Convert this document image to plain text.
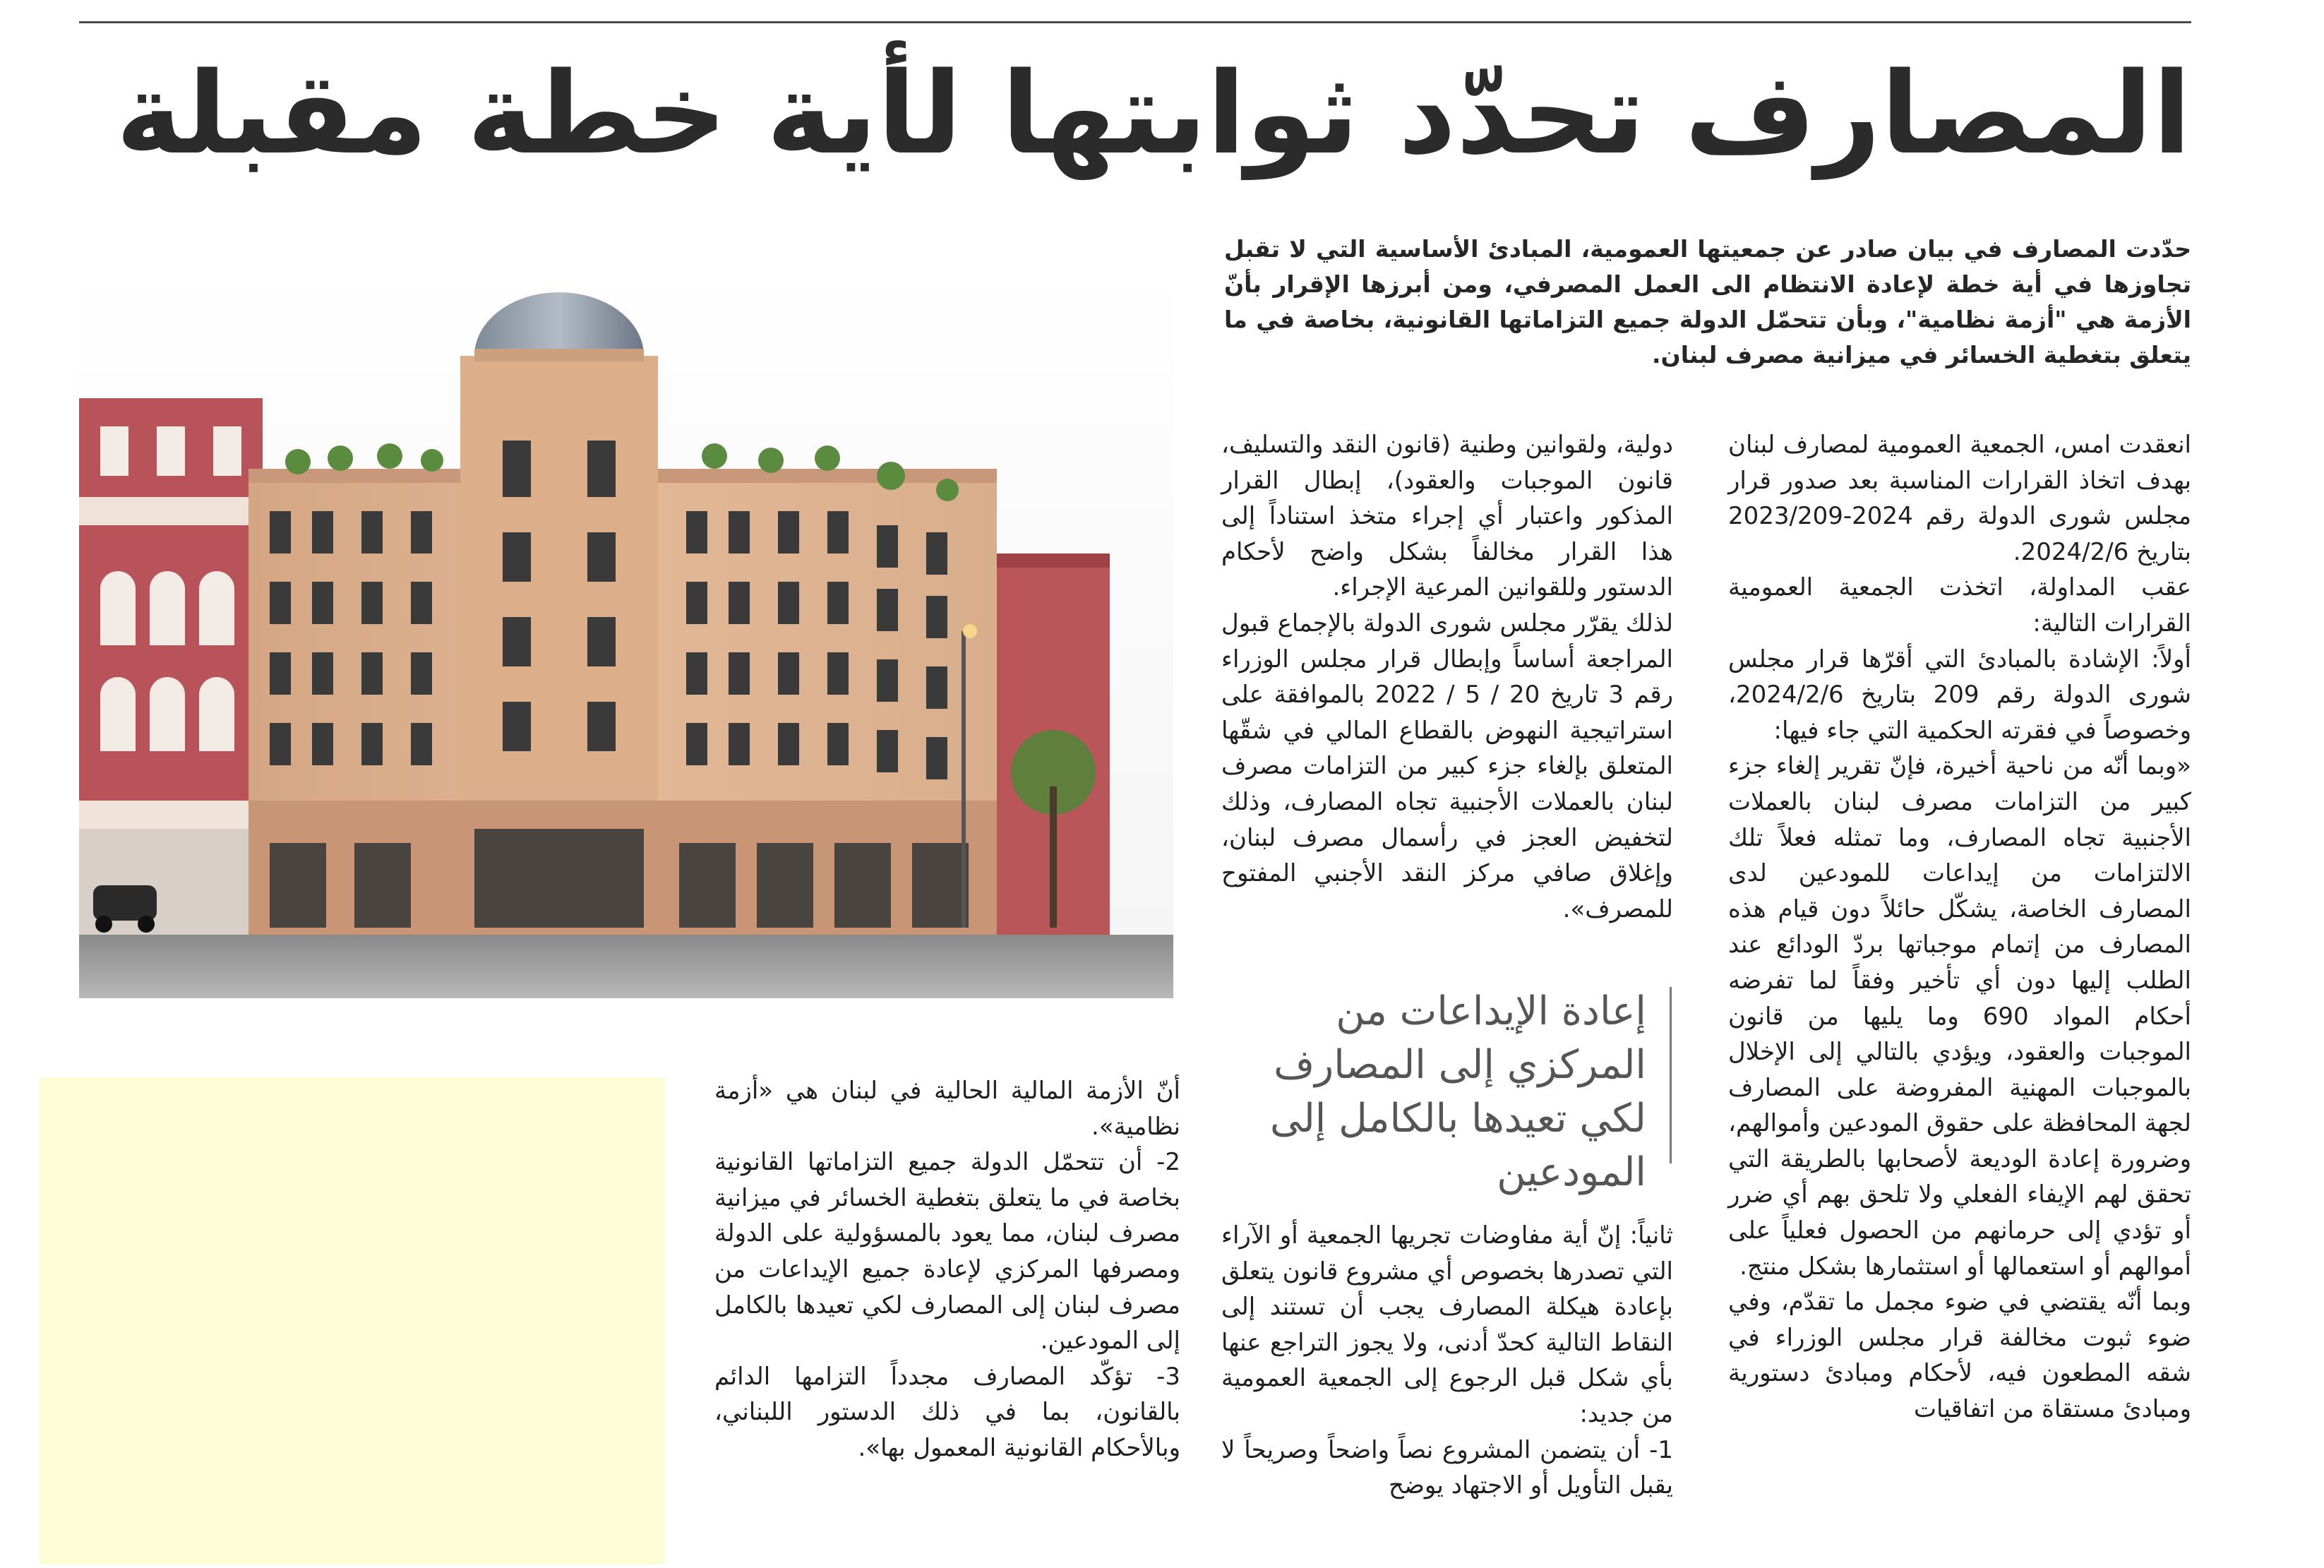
المصارف تحدّد ثوابتها لأية خطة مقبلة
حدّدت المصارف في بيان صادر عن جمعيتها العمومية، المبادئ الأساسية التي لا تقبل تجاوزها في أية خطة لإعادة الانتظام الى العمل المصرفي، ومن أبرزها الإقرار بأنّ الأزمة هي "أزمة نظامية"، وبأن تتحمّل الدولة جميع التزاماتها القانونية، بخاصة في ما يتعلق بتغطية الخسائر في ميزانية مصرف لبنان.

انعقدت امس، الجمعية العمومية لمصارف لبنان بهدف اتخاذ القرارات المناسبة بعد صدور قرار مجلس شورى الدولة رقم 2024-2023/209 بتاريخ 2024/2/6.

عقب المداولة، اتخذت الجمعية العمومية القرارات التالية:

أولاً: الإشادة بالمبادئ التي أقرّها قرار مجلس شورى الدولة رقم 209 بتاريخ 2024/2/6، وخصوصاً في فقرته الحكمية التي جاء فيها:

«وبما أنّه من ناحية أخيرة، فإنّ تقرير إلغاء جزء كبير من التزامات مصرف لبنان بالعملات الأجنبية تجاه المصارف، وما تمثله فعلاً تلك الالتزامات من إيداعات للمودعين لدى المصارف الخاصة، يشكّل حائلاً دون قيام هذه المصارف من إتمام موجباتها بردّ الودائع عند الطلب إليها دون أي تأخير وفقاً لما تفرضه أحكام المواد 690 وما يليها من قانون الموجبات والعقود، ويؤدي بالتالي إلى الإخلال بالموجبات المهنية المفروضة على المصارف لجهة المحافظة على حقوق المودعين وأموالهم، وضرورة إعادة الوديعة لأصحابها بالطريقة التي تحقق لهم الإيفاء الفعلي ولا تلحق بهم أي ضرر أو تؤدي إلى حرمانهم من الحصول فعلياً على أموالهم أو استعمالها أو استثمارها بشكل منتج.

وبما أنّه يقتضي في ضوء مجمل ما تقدّم، وفي ضوء ثبوت مخالفة قرار مجلس الوزراء في شقه المطعون فيه، لأحكام ومبادئ دستورية ومبادئ مستقاة من اتفاقيات

دولية، ولقوانين وطنية (قانون النقد والتسليف، قانون الموجبات والعقود)، إبطال القرار المذكور واعتبار أي إجراء متخذ استناداً إلى هذا القرار مخالفاً بشكل واضح لأحكام الدستور وللقوانين المرعية الإجراء.

لذلك يقرّر مجلس شورى الدولة بالإجماع قبول المراجعة أساساً وإبطال قرار مجلس الوزراء رقم 3 تاريخ 20 / 5 / 2022 بالموافقة على استراتيجية النهوض بالقطاع المالي في شقّها المتعلق بإلغاء جزء كبير من التزامات مصرف لبنان بالعملات الأجنبية تجاه المصارف، وذلك لتخفيض العجز في رأسمال مصرف لبنان، وإغلاق صافي مركز النقد الأجنبي المفتوح للمصرف».

إعادة الإيداعات من المركزي إلى المصارف لكي تعيدها بالكامل إلى المودعين

ثانياً: إنّ أية مفاوضات تجريها الجمعية أو الآراء التي تصدرها بخصوص أي مشروع قانون يتعلق بإعادة هيكلة المصارف يجب أن تستند إلى النقاط التالية كحدّ أدنى، ولا يجوز التراجع عنها بأي شكل قبل الرجوع إلى الجمعية العمومية من جديد:

1- أن يتضمن المشروع نصاً واضحاً وصريحاً لا يقبل التأويل أو الاجتهاد يوضح

أنّ الأزمة المالية الحالية في لبنان هي «أزمة نظامية».

2- أن تتحمّل الدولة جميع التزاماتها القانونية بخاصة في ما يتعلق بتغطية الخسائر في ميزانية مصرف لبنان، مما يعود بالمسؤولية على الدولة ومصرفها المركزي لإعادة جميع الإيداعات من مصرف لبنان إلى المصارف لكي تعيدها بالكامل إلى المودعين.

3- تؤكّد المصارف مجدداً التزامها الدائم بالقانون، بما في ذلك الدستور اللبناني، وبالأحكام القانونية المعمول بها».
